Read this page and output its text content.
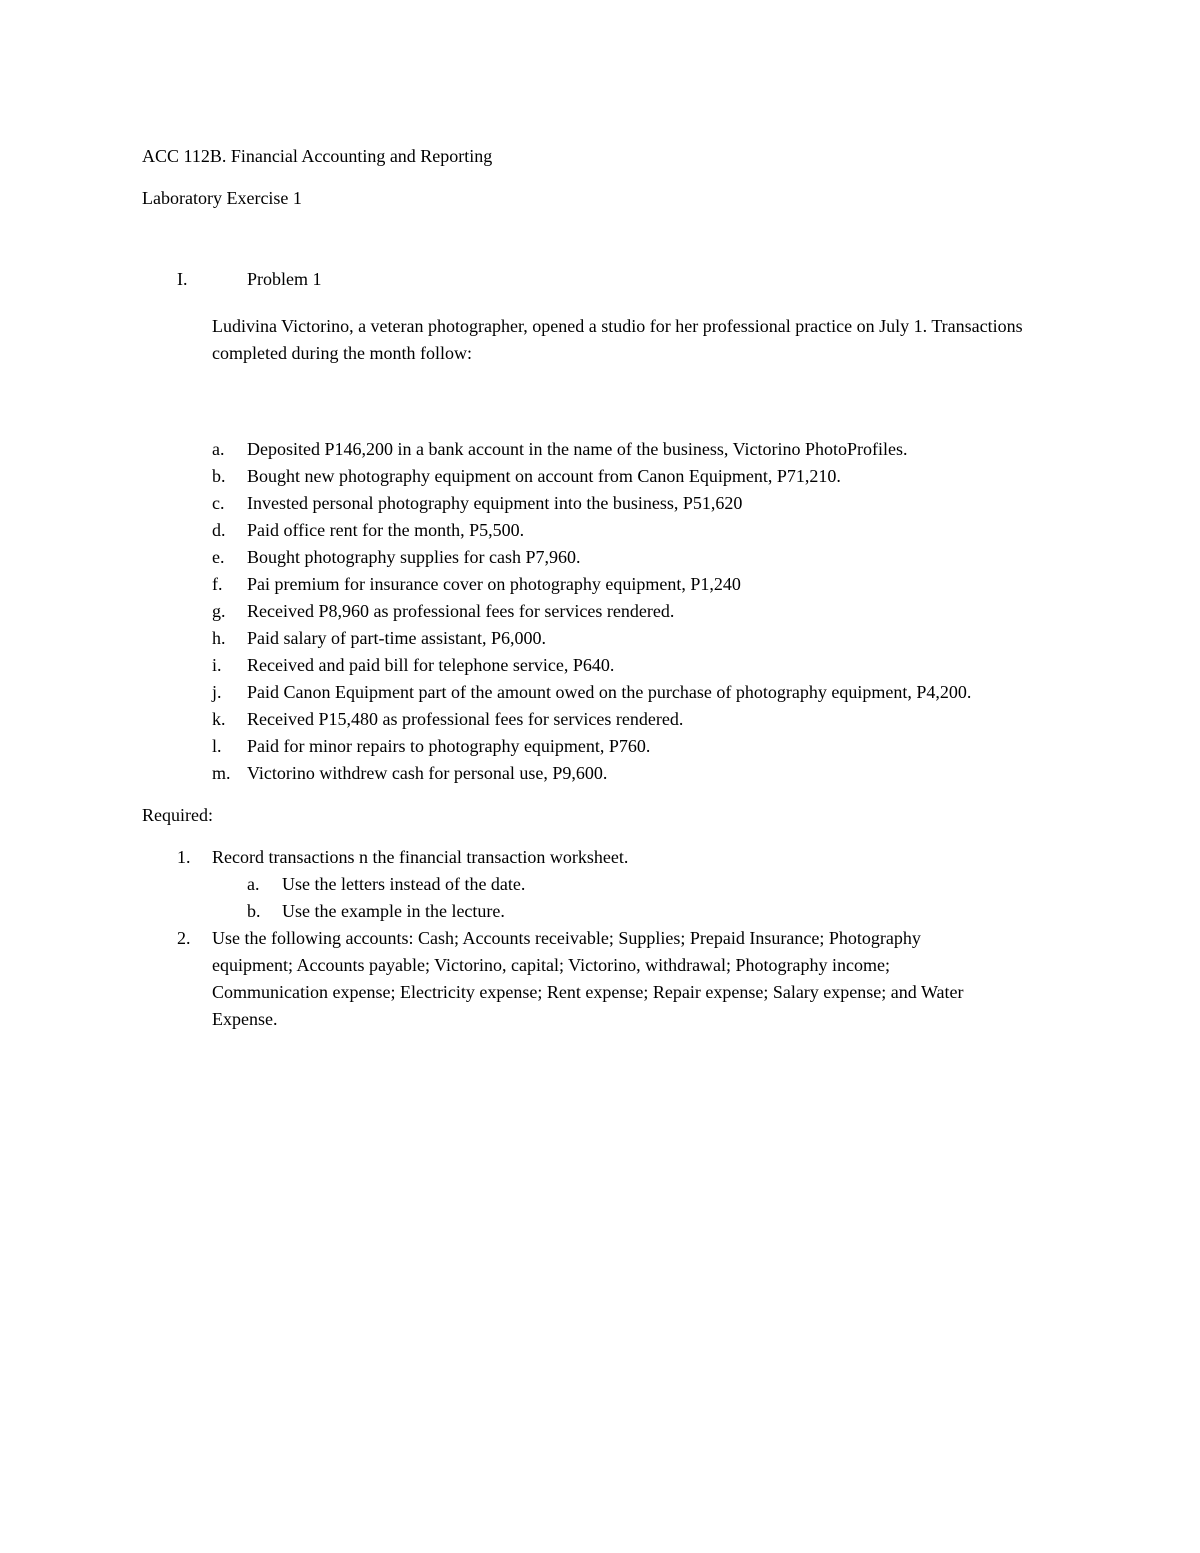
ACC 112B. Financial Accounting and Reporting
Laboratory Exercise 1
I.	Problem 1
Ludivina Victorino, a veteran photographer, opened a studio for her professional practice on July 1. Transactions completed during the month follow:
a. Deposited P146,200 in a bank account in the name of the business, Victorino PhotoProfiles.
b. Bought new photography equipment on account from Canon Equipment, P71,210.
c. Invested personal photography equipment into the business, P51,620
d. Paid office rent for the month, P5,500.
e. Bought photography supplies for cash P7,960.
f. Pai premium for insurance cover on photography equipment, P1,240
g. Received P8,960 as professional fees for services rendered.
h. Paid salary of part-time assistant, P6,000.
i. Received and paid bill for telephone service, P640.
j. Paid Canon Equipment part of the amount owed on the purchase of photography equipment, P4,200.
k. Received P15,480 as professional fees for services rendered.
l. Paid for minor repairs to photography equipment, P760.
m. Victorino withdrew cash for personal use, P9,600.
Required:
1. Record transactions n the financial transaction worksheet.
a. Use the letters instead of the date.
b. Use the example in the lecture.
2. Use the following accounts: Cash; Accounts receivable; Supplies; Prepaid Insurance; Photography equipment; Accounts payable; Victorino, capital; Victorino, withdrawal; Photography income; Communication expense; Electricity expense; Rent expense; Repair expense; Salary expense; and Water Expense.
